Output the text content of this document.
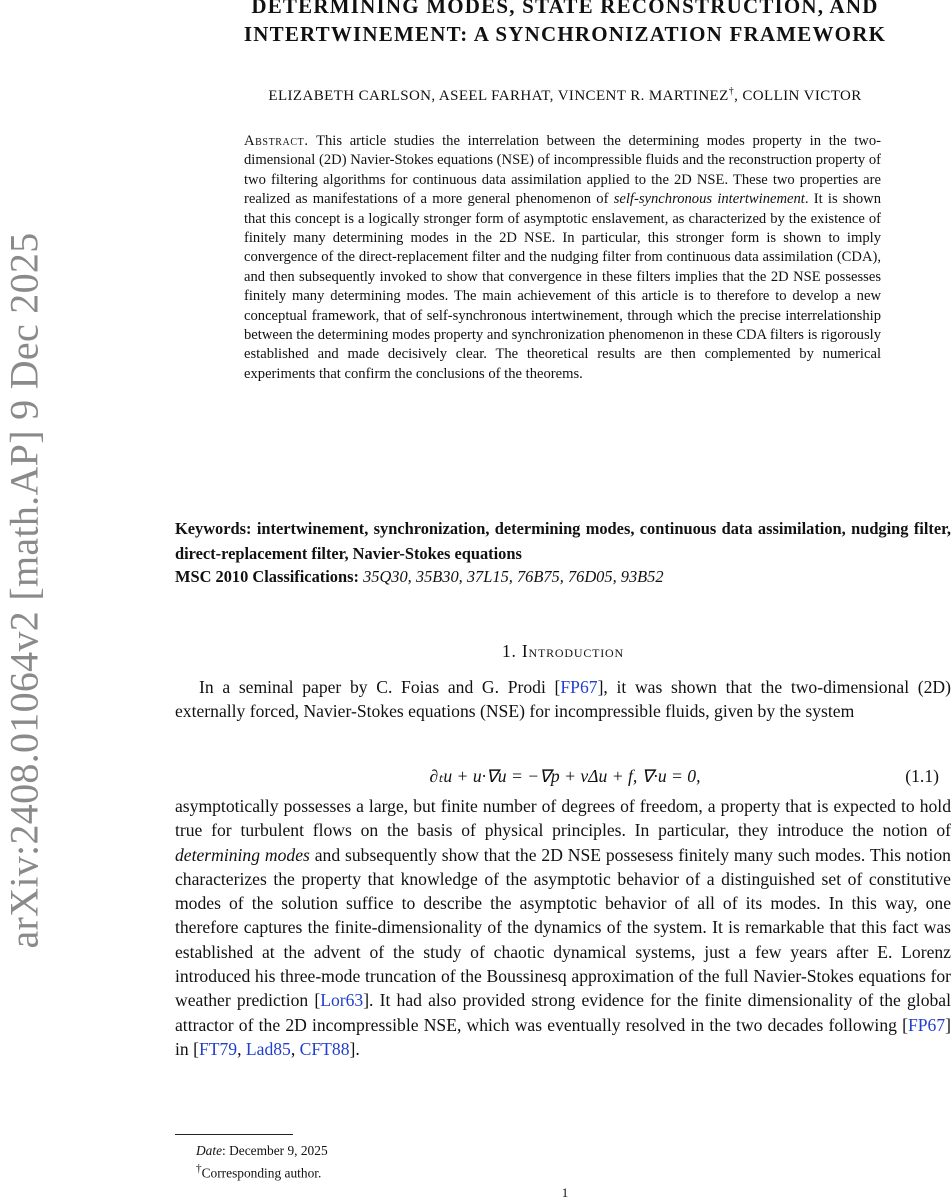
arXiv:2408.01064v2 [math.AP] 9 Dec 2025
DETERMINING MODES, STATE RECONSTRUCTION, AND
INTERTWINEMENT: A SYNCHRONIZATION FRAMEWORK
ELIZABETH CARLSON, ASEEL FARHAT, VINCENT R. MARTINEZ†, COLLIN VICTOR

Abstract. This article studies the interrelation between the determining modes property in the two-dimensional (2D) Navier-Stokes equations (NSE) of incompressible fluids and the reconstruction property of two filtering algorithms for continuous data assimilation applied to the 2D NSE. These two properties are realized as manifestations of a more general phenomenon of self-synchronous intertwinement. It is shown that this concept is a logically stronger form of asymptotic enslavement, as characterized by the existence of finitely many determining modes in the 2D NSE. In particular, this stronger form is shown to imply convergence of the direct-replacement filter and the nudging filter from continuous data assimilation (CDA), and then subsequently invoked to show that convergence in these filters implies that the 2D NSE possesses finitely many determining modes. The main achievement of this article is to therefore to develop a new conceptual framework, that of self-synchronous intertwinement, through which the precise interrelationship between the determining modes property and synchronization phenomenon in these CDA filters is rigorously established and made decisively clear. The theoretical results are then complemented by numerical experiments that confirm the conclusions of the theorems.

Keywords: intertwinement, synchronization, determining modes, continuous data assimilation, nudging filter, direct-replacement filter, Navier-Stokes equations

MSC 2010 Classifications: 35Q30, 35B30, 37L15, 76B75, 76D05, 93B52

1. Introduction

In a seminal paper by C. Foias and G. Prodi [FP67], it was shown that the two-dimensional (2D) externally forced, Navier-Stokes equations (NSE) for incompressible fluids, given by the system

∂ₜu + u·∇u = −∇p + νΔu + f, ∇·u = 0,	(1.1)

asymptotically possesses a large, but finite number of degrees of freedom, a property that is expected to hold true for turbulent flows on the basis of physical principles. In particular, they introduce the notion of determining modes and subsequently show that the 2D NSE possesess finitely many such modes. This notion characterizes the property that knowledge of the asymptotic behavior of a distinguished set of constitutive modes of the solution suffice to describe the asymptotic behavior of all of its modes. In this way, one therefore captures the finite-dimensionality of the dynamics of the system. It is remarkable that this fact was established at the advent of the study of chaotic dynamical systems, just a few years after E. Lorenz introduced his three-mode truncation of the Boussinesq approximation of the full Navier-Stokes equations for weather prediction [Lor63]. It had also provided strong evidence for the finite dimensionality of the global attractor of the 2D incompressible NSE, which was eventually resolved in the two decades following [FP67] in [FT79, Lad85, CFT88].

Date: December 9, 2025
†Corresponding author.
1
